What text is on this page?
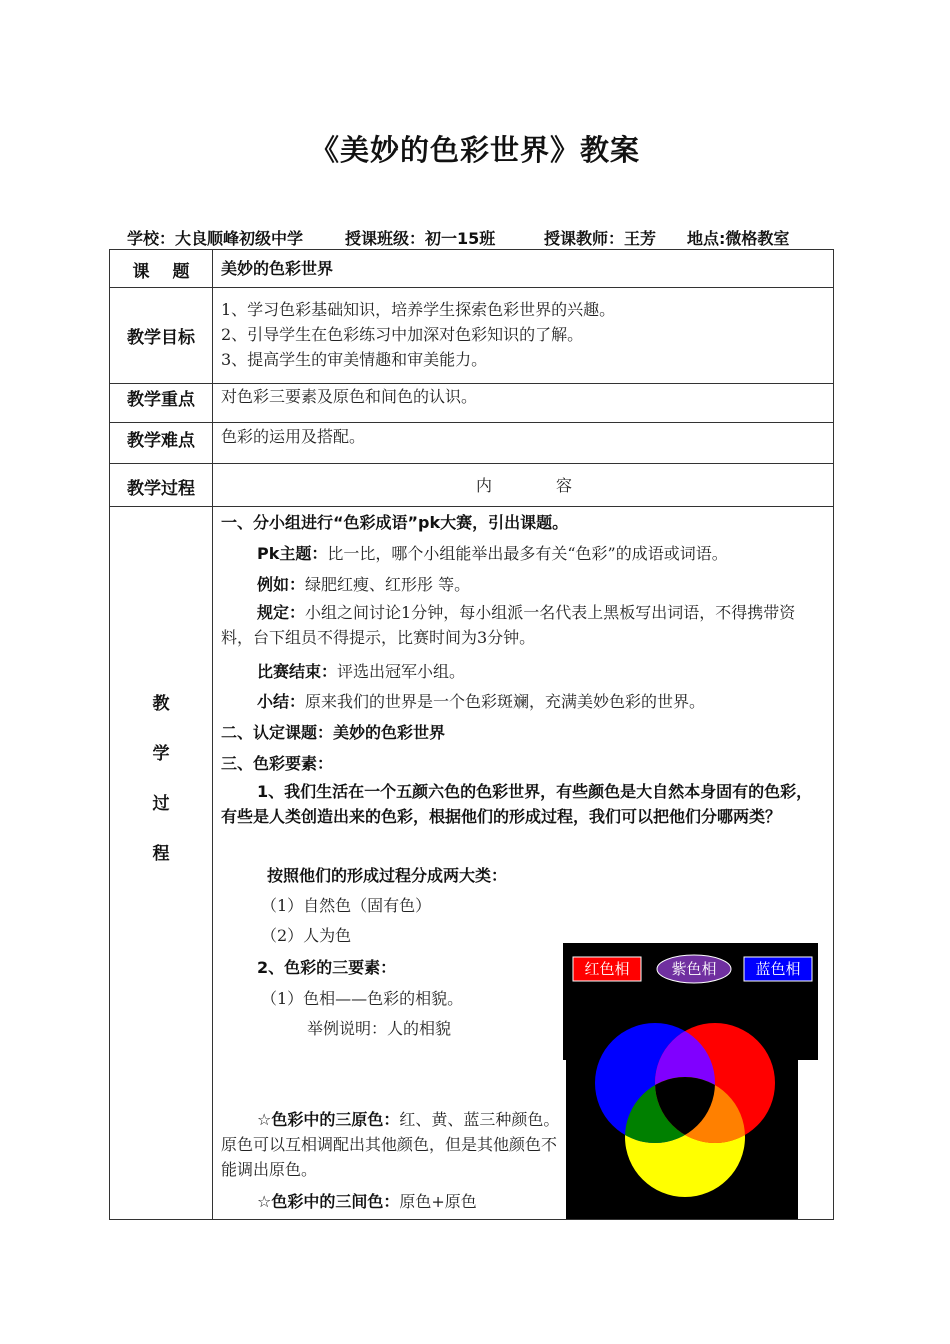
《美妙的色彩世界》教案
学校：大良顺峰初级中学	授课班级：初一15班	授课教师：王芳 地点:微格教室
课　 题	美妙的色彩世界
教学目标
1、学习色彩基础知识，培养学生探索色彩世界的兴趣。
2、引导学生在色彩练习中加深对色彩知识的了解。
3、提高学生的审美情趣和审美能力。
教学重点	对色彩三要素及原色和间色的认识。
教学难点	色彩的运用及搭配。
教学过程	内　　　　容
教
学
过
程
一、分小组进行“色彩成语”pk大赛，引出课题。
Pk主题：比一比，哪个小组能举出最多有关“色彩”的成语或词语。
例如：绿肥红瘦、红形彤 等。
规定：小组之间讨论1分钟，每小组派一名代表上黑板写出词语，不得携带资料，台下组员不得提示，比赛时间为3分钟。
比赛结束：评选出冠军小组。
小结：原来我们的世界是一个色彩斑斓，充满美妙色彩的世界。
二、认定课题：美妙的色彩世界
三、色彩要素：
1、我们生活在一个五颜六色的色彩世界，有些颜色是大自然本身固有的色彩，有些是人类创造出来的色彩，根据他们的形成过程，我们可以把他们分哪两类？
按照他们的形成过程分成两大类：
（1）自然色（固有色）
（2）人为色
2、色彩的三要素：
（1）色相——色彩的相貌。
举例说明：人的相貌
☆色彩中的三原色：红、黄、蓝三种颜色。原色可以互相调配出其他颜色，但是其他颜色不能调出原色。
☆色彩中的三间色：原色+原色
红色相	紫色相	蓝色相
